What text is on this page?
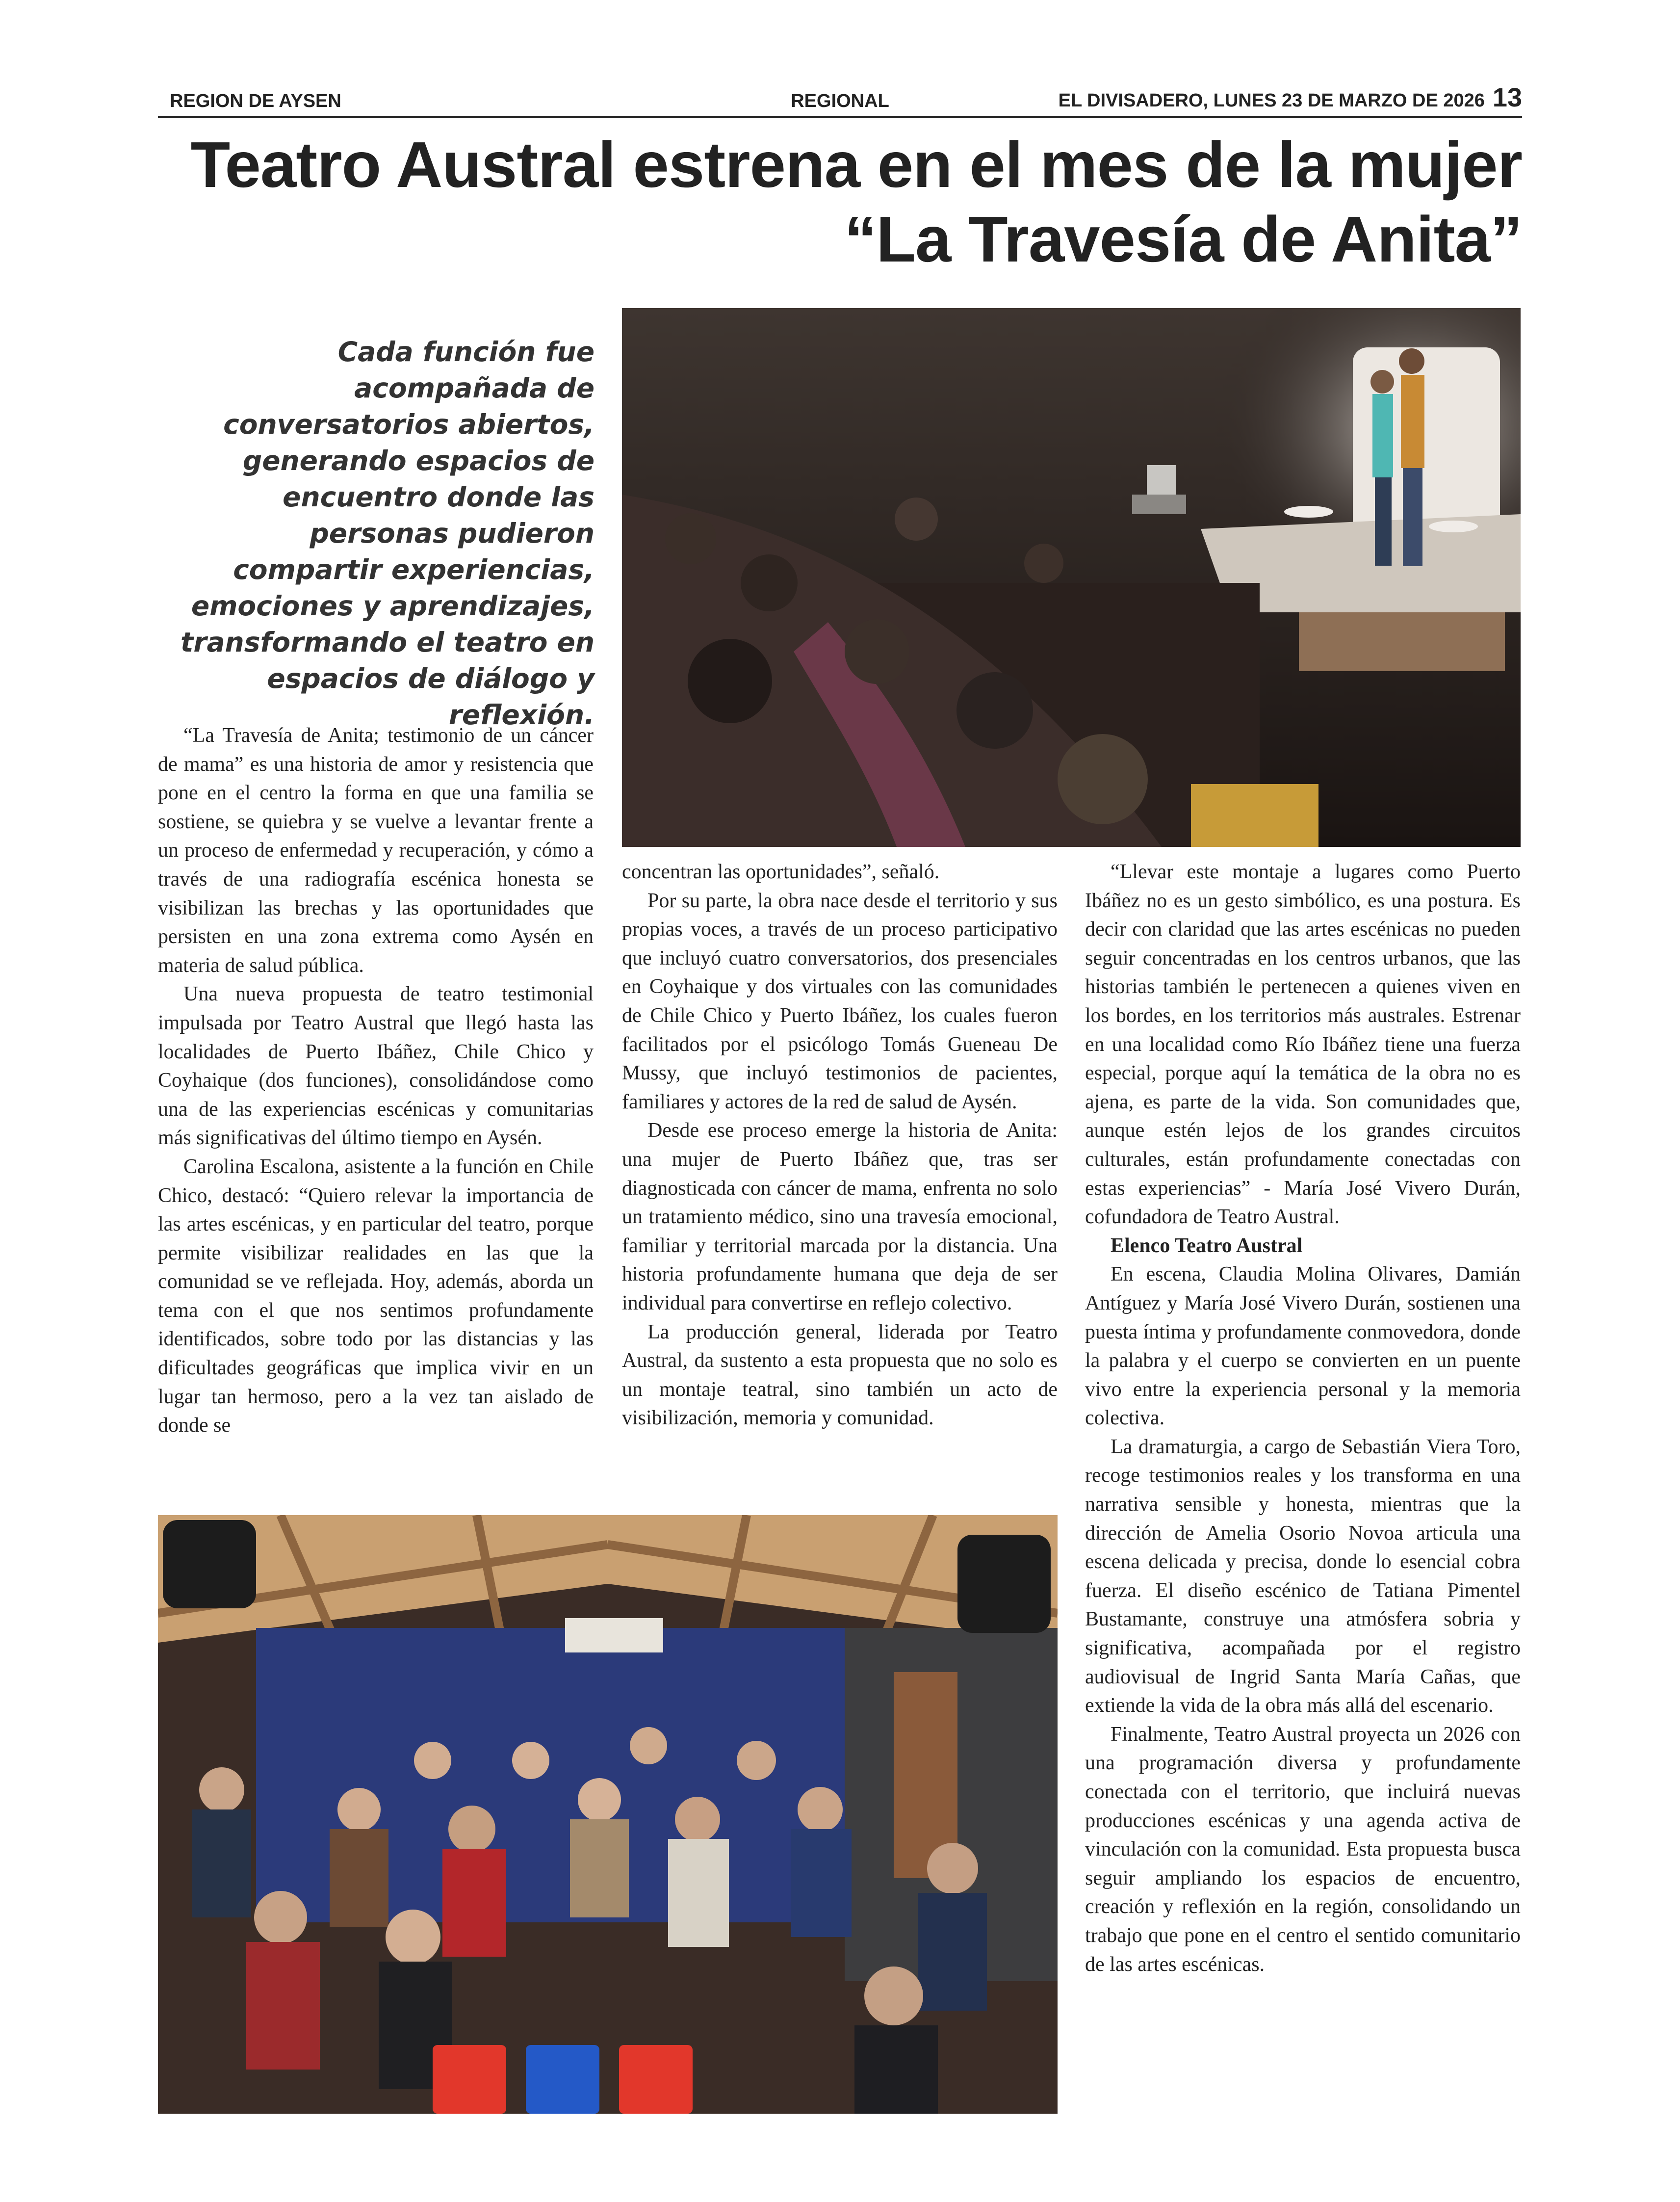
REGION DE AYSEN	REGIONAL	EL DIVISADERO, LUNES 23 DE MARZO DE 2026 13
Teatro Austral estrena en el mes de la mujer
“La Travesía de Anita”
Cada función fue acompañada de conversatorios abiertos, generando espacios de encuentro donde las personas pudieron compartir experiencias, emociones y aprendizajes, transformando el teatro en espacios de diálogo y reflexión.

“La Travesía de Anita; testimonio de un cáncer de mama” es una historia de amor y resistencia que pone en el centro la forma en que una familia se sostiene, se quiebra y se vuelve a levantar frente a un proceso de enfermedad y recuperación, y cómo a través de una radiografía escénica honesta se visibilizan las brechas y las oportunidades que persisten en una zona extrema como Aysén en materia de salud pública.

Una nueva propuesta de teatro testimonial impulsada por Teatro Austral que llegó hasta las localidades de Puerto Ibáñez, Chile Chico y Coyhaique (dos funciones), consolidándose como una de las experiencias escénicas y comunitarias más significativas del último tiempo en Aysén.

Carolina Escalona, asistente a la función en Chile Chico, destacó: “Quiero relevar la importancia de las artes escénicas, y en particular del teatro, porque permite visibilizar realidades en las que la comunidad se ve reflejada. Hoy, además, aborda un tema con el que nos sentimos profundamente identificados, sobre todo por las distancias y las dificultades geográficas que implica vivir en un lugar tan hermoso, pero a la vez tan aislado de donde se

concentran las oportunidades”, señaló.

Por su parte, la obra nace desde el territorio y sus propias voces, a través de un proceso participativo que incluyó cuatro conversatorios, dos presenciales en Coyhaique y dos virtuales con las comunidades de Chile Chico y Puerto Ibáñez, los cuales fueron facilitados por el psicólogo Tomás Gueneau De Mussy, que incluyó testimonios de pacientes, familiares y actores de la red de salud de Aysén.

Desde ese proceso emerge la historia de Anita: una mujer de Puerto Ibáñez que, tras ser diagnosticada con cáncer de mama, enfrenta no solo un tratamiento médico, sino una travesía emocional, familiar y territorial marcada por la distancia. Una historia profundamente humana que deja de ser individual para convertirse en reflejo colectivo.

La producción general, liderada por Teatro Austral, da sustento a esta propuesta que no solo es un montaje teatral, sino también un acto de visibilización, memoria y comunidad.

“Llevar este montaje a lugares como Puerto Ibáñez no es un gesto simbólico, es una postura. Es decir con claridad que las artes escénicas no pueden seguir concentradas en los centros urbanos, que las historias también le pertenecen a quienes viven en los bordes, en los territorios más australes. Estrenar en una localidad como Río Ibáñez tiene una fuerza especial, porque aquí la temática de la obra no es ajena, es parte de la vida. Son comunidades que, aunque estén lejos de los grandes circuitos culturales, están profundamente conectadas con estas experiencias” - María José Vivero Durán, cofundadora de Teatro Austral.

Elenco Teatro Austral

En escena, Claudia Molina Olivares, Damián Antíguez y María José Vivero Durán, sostienen una puesta íntima y profundamente conmovedora, donde la palabra y el cuerpo se convierten en un puente vivo entre la experiencia personal y la memoria colectiva.

La dramaturgia, a cargo de Sebastián Viera Toro, recoge testimonios reales y los transforma en una narrativa sensible y honesta, mientras que la dirección de Amelia Osorio Novoa articula una escena delicada y precisa, donde lo esencial cobra fuerza. El diseño escénico de Tatiana Pimentel Bustamante, construye una atmósfera sobria y significativa, acompañada por el registro audiovisual de Ingrid Santa María Cañas, que extiende la vida de la obra más allá del escenario.

Finalmente, Teatro Austral proyecta un 2026 con una programación diversa y profundamente conectada con el territorio, que incluirá nuevas producciones escénicas y una agenda activa de vinculación con la comunidad. Esta propuesta busca seguir ampliando los espacios de encuentro, creación y reflexión en la región, consolidando un trabajo que pone en el centro el sentido comunitario de las artes escénicas.
